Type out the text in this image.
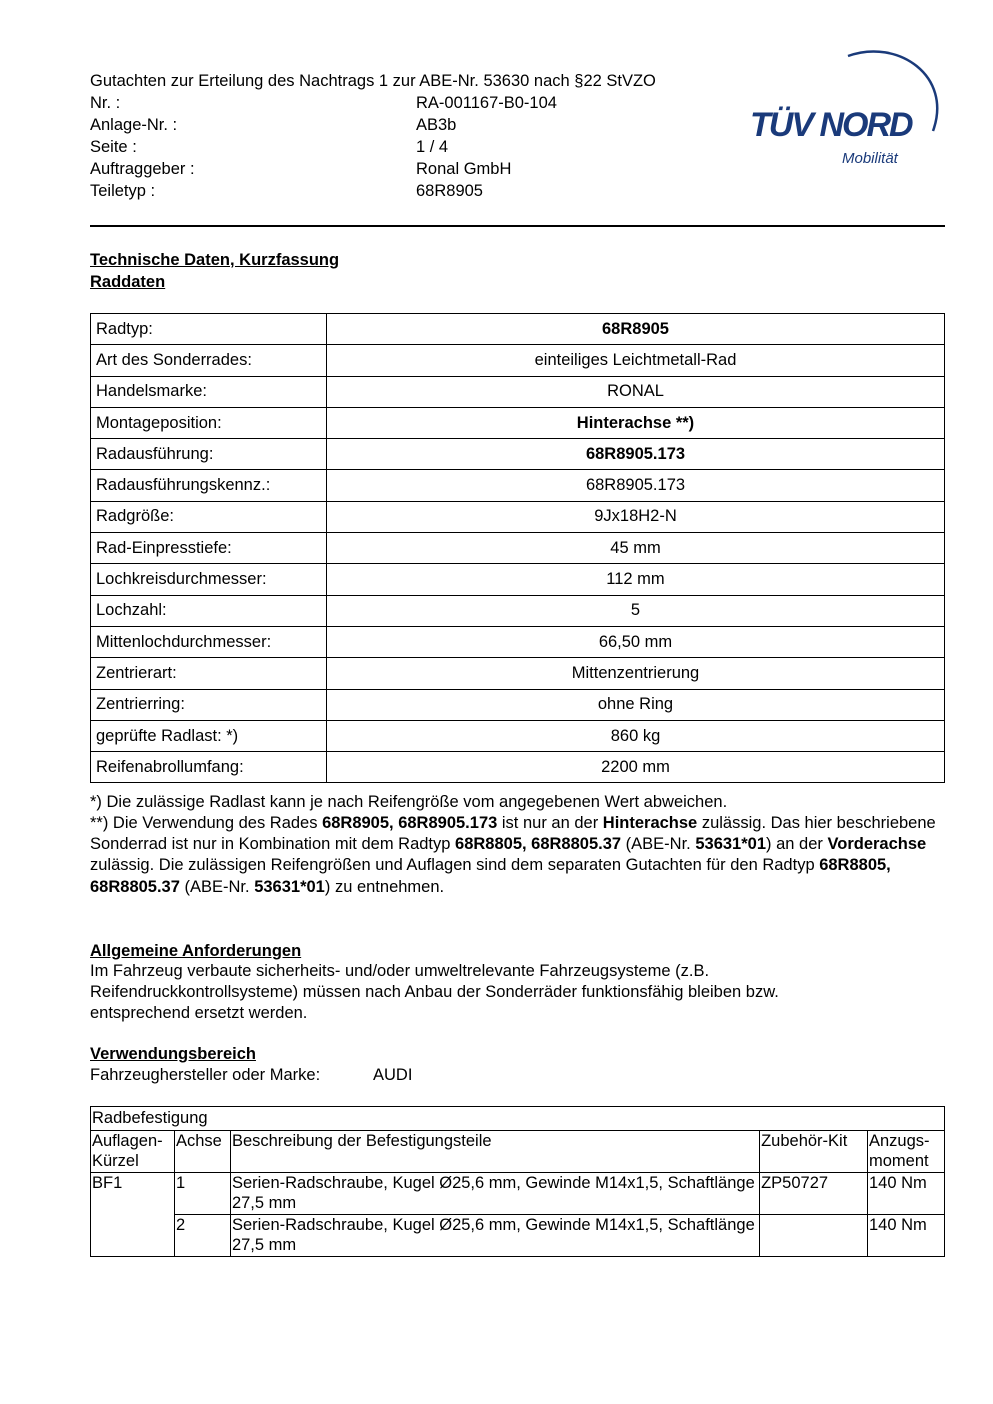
Gutachten zur Erteilung des Nachtrags 1 zur ABE-Nr. 53630 nach §22 StVZO
Nr. :	RA-001167-B0-104
Anlage-Nr. :	AB3b
Seite :	1 / 4
Auftraggeber :	Ronal GmbH
Teiletyp :	68R8905
TÜV NORD
Mobilität
Technische Daten, Kurzfassung
Raddaten
Radtyp:	68R8905
Art des Sonderrades:	einteiliges Leichtmetall-Rad
Handelsmarke:	RONAL
Montageposition:	Hinterachse **)
Radausführung:	68R8905.173
Radausführungskennz.:	68R8905.173
Radgröße:	9Jx18H2-N
Rad-Einpresstiefe:	45 mm
Lochkreisdurchmesser:	112 mm
Lochzahl:	5
Mittenlochdurchmesser:	66,50 mm
Zentrierart:	Mittenzentrierung
Zentrierring:	ohne Ring
geprüfte Radlast: *)	860 kg
Reifenabrollumfang:	2200 mm
*) Die zulässige Radlast kann je nach Reifengröße vom angegebenen Wert abweichen.
**) Die Verwendung des Rades 68R8905, 68R8905.173 ist nur an der Hinterachse zulässig. Das hier beschriebene Sonderrad ist nur in Kombination mit dem Radtyp 68R8805, 68R8805.37 (ABE-Nr. 53631*01) an der Vorderachse zulässig. Die zulässigen Reifengrößen und Auflagen sind dem separaten Gutachten für den Radtyp 68R8805, 68R8805.37 (ABE-Nr. 53631*01) zu entnehmen.
Allgemeine Anforderungen
Im Fahrzeug verbaute sicherheits- und/oder umweltrelevante Fahrzeugsysteme (z.B. Reifendruckkontrollsysteme) müssen nach Anbau der Sonderräder funktionsfähig bleiben bzw. entsprechend ersetzt werden.
Verwendungsbereich
Fahrzeughersteller oder Marke:	AUDI
Radbefestigung				
Auflagen-Kürzel	Achse	Beschreibung der Befestigungsteile	Zubehör-Kit	Anzugs-moment
BF1	1	Serien-Radschraube, Kugel Ø25,6 mm, Gewinde M14x1,5, Schaftlänge 27,5 mm	ZP50727	140 Nm
	2	Serien-Radschraube, Kugel Ø25,6 mm, Gewinde M14x1,5, Schaftlänge 27,5 mm		140 Nm
